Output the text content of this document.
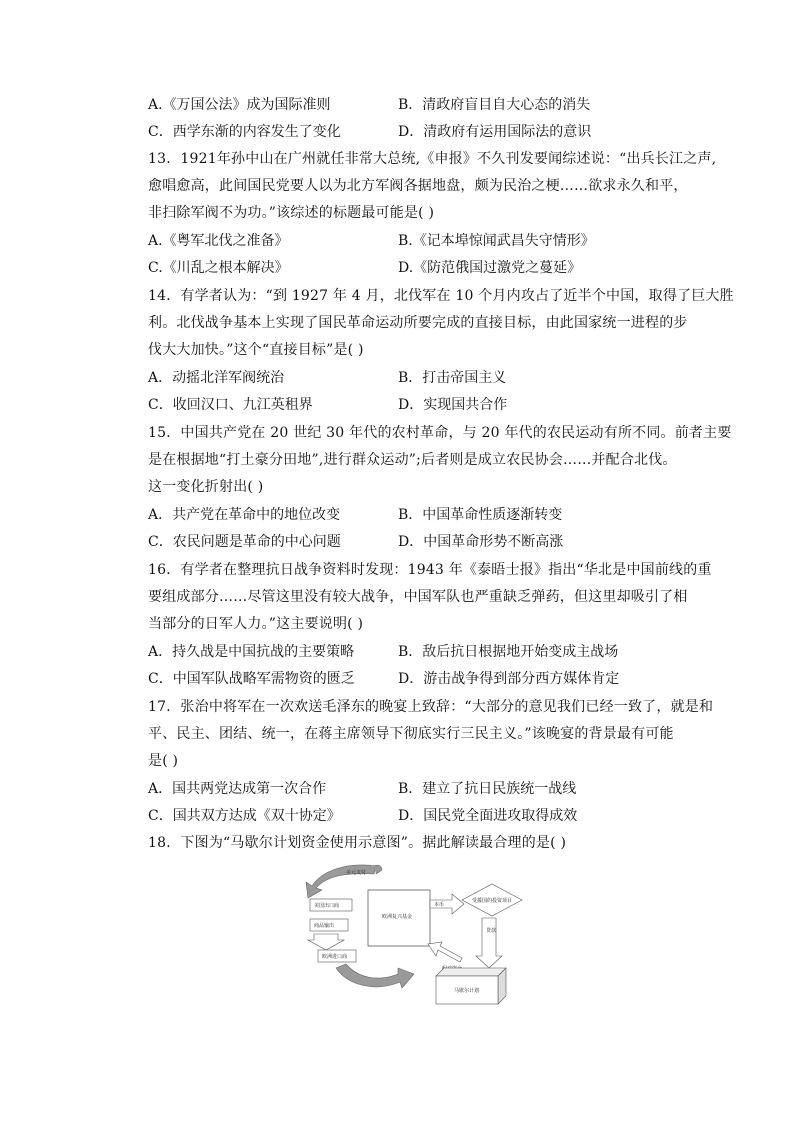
A.《万国公法》成为国际准则	B．清政府盲目自大心态的消失
C．西学东渐的内容发生了变化	D．清政府有运用国际法的意识
13．1921年孙中山在广州就任非常大总统,《申报》不久刊发要闻综述说：“出兵长江之声,
愈唱愈高，此间国民党要人以为北方军阀各据地盘，颇为民治之梗……欲求永久和平，
非扫除军阀不为功。”该综述的标题最可能是( )
A.《粤军北伐之准备》	B.《记本埠惊闻武昌失守情形》
C.《川乱之根本解决》	D.《防范俄国过激党之蔓延》
14．有学者认为：“到 1927 年 4 月，北伐军在 10 个月内攻占了近半个中国，取得了巨大胜
利。北伐战争基本上实现了国民革命运动所要完成的直接目标，由此国家统一进程的步
伐大大加快。”这个“直接目标”是( )
A．动摇北洋军阀统治	B．打击帝国主义
C．收回汉口、九江英租界	D．实现国共合作
15．中国共产党在 20 世纪 30 年代的农村革命，与 20 年代的农民运动有所不同。前者主要
是在根据地“打土豪分田地”,进行群众运动”;后者则是成立农民协会……并配合北伐。
这一变化折射出( )
A．共产党在革命中的地位改变	B．中国革命性质逐渐转变
C．农民问题是革命的中心问题	D．中国革命形势不断高涨
16．有学者在整理抗日战争资料时发现：1943 年《泰晤士报》指出“华北是中国前线的重
要组成部分……尽管这里没有较大战争，中国军队也严重缺乏弹药，但这里却吸引了相
当部分的日军人力。”这主要说明( )
A．持久战是中国抗战的主要策略	B．敌后抗日根据地开始变成主战场
C．中国军队战略军需物资的匮乏	D．游击战争得到部分西方媒体肯定
17．张治中将军在一次欢送毛泽东的晚宴上致辞：“大部分的意见我们已经一致了，就是和
平、民主、团结、统一，在蒋主席领导下彻底实行三民主义。”该晚宴的背景最有可能
是( )
A．国共两党达成第一次合作	B．建立了抗日民族统一战线
C．国共双方达成《双十协定》	D．国民党全面进攻取得成效
18．下图为“马歇尔计划资金使用示意图”。据此解读最合理的是( )
美元支付
美国出口商
商品输出
欧洲进口商
欧洲复兴基金
本币
受援国的投资项目
贷款
马歇尔计划
